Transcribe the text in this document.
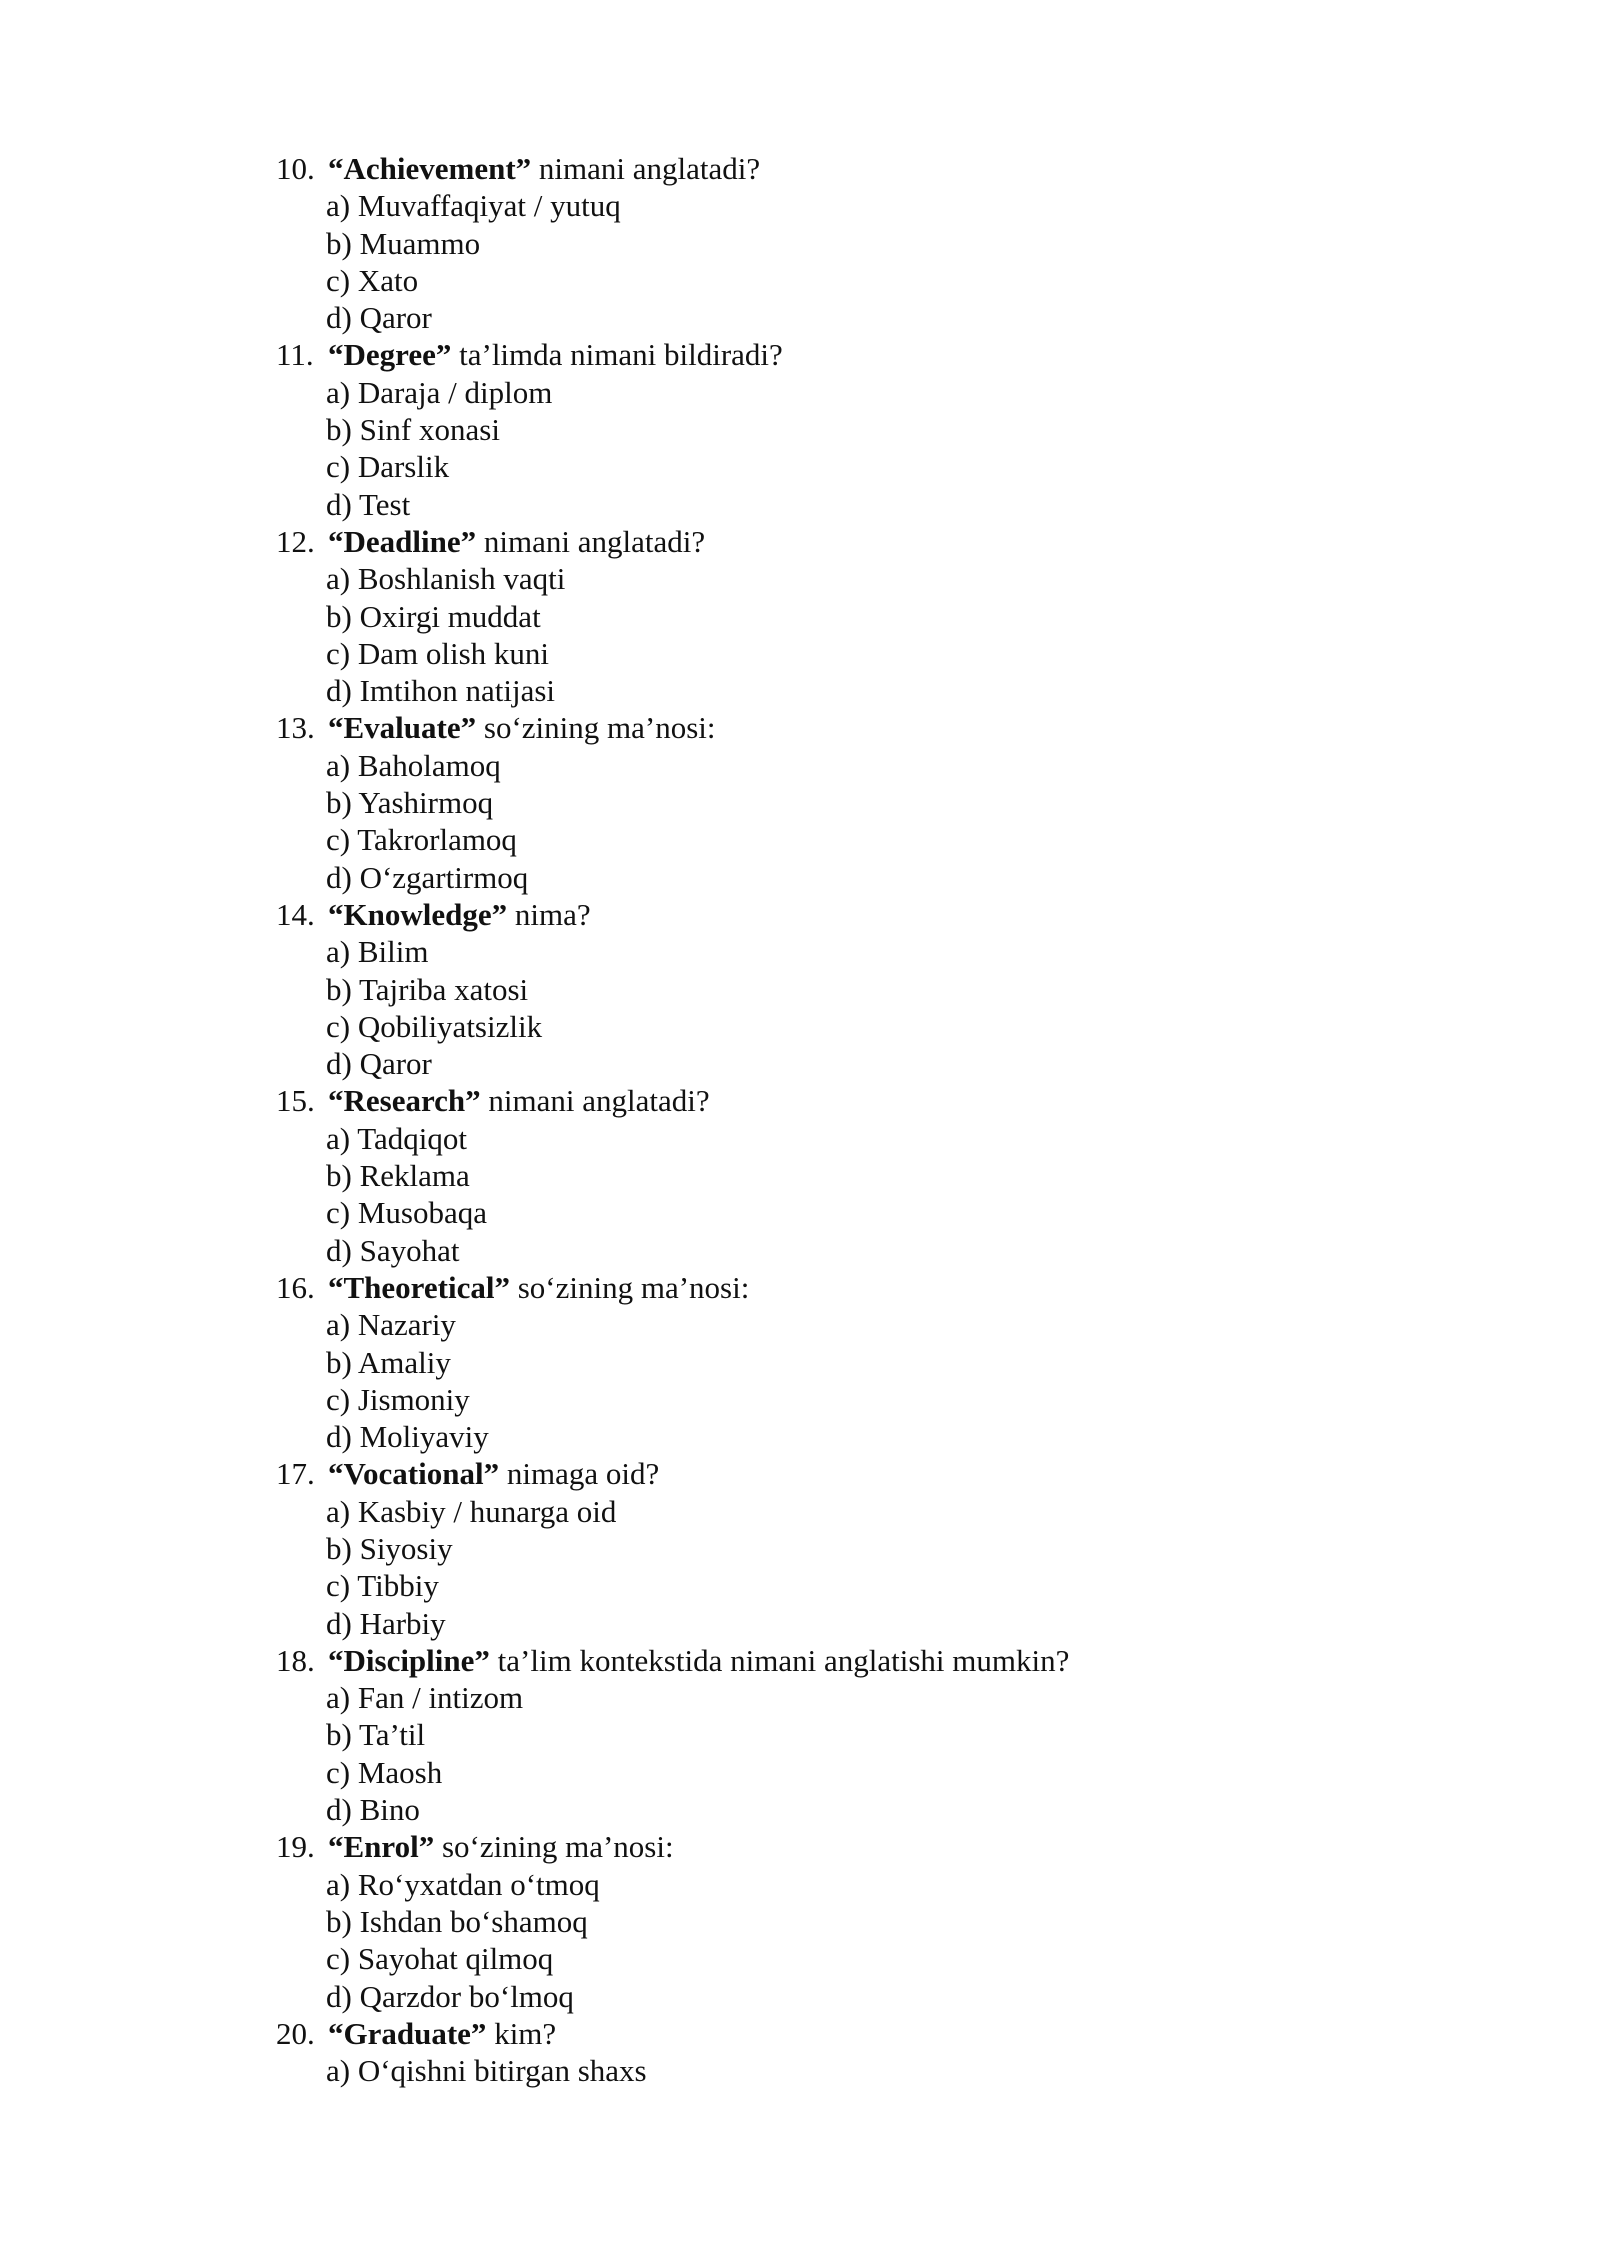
10. “Achievement” nimani anglatadi?
a) Muvaffaqiyat / yutuq
b) Muammo
c) Xato
d) Qaror
11. “Degree” ta’limda nimani bildiradi?
a) Daraja / diplom
b) Sinf xonasi
c) Darslik
d) Test
12. “Deadline” nimani anglatadi?
a) Boshlanish vaqti
b) Oxirgi muddat
c) Dam olish kuni
d) Imtihon natijasi
13. “Evaluate” so‘zining ma’nosi:
a) Baholamoq
b) Yashirmoq
c) Takrorlamoq
d) O‘zgartirmoq
14. “Knowledge” nima?
a) Bilim
b) Tajriba xatosi
c) Qobiliyatsizlik
d) Qaror
15. “Research” nimani anglatadi?
a) Tadqiqot
b) Reklama
c) Musobaqa
d) Sayohat
16. “Theoretical” so‘zining ma’nosi:
a) Nazariy
b) Amaliy
c) Jismoniy
d) Moliyaviy
17. “Vocational” nimaga oid?
a) Kasbiy / hunarga oid
b) Siyosiy
c) Tibbiy
d) Harbiy
18. “Discipline” ta’lim kontekstida nimani anglatishi mumkin?
a) Fan / intizom
b) Ta’til
c) Maosh
d) Bino
19. “Enrol” so‘zining ma’nosi:
a) Ro‘yxatdan o‘tmoq
b) Ishdan bo‘shamoq
c) Sayohat qilmoq
d) Qarzdor bo‘lmoq
20. “Graduate” kim?
a) O‘qishni bitirgan shaxs
